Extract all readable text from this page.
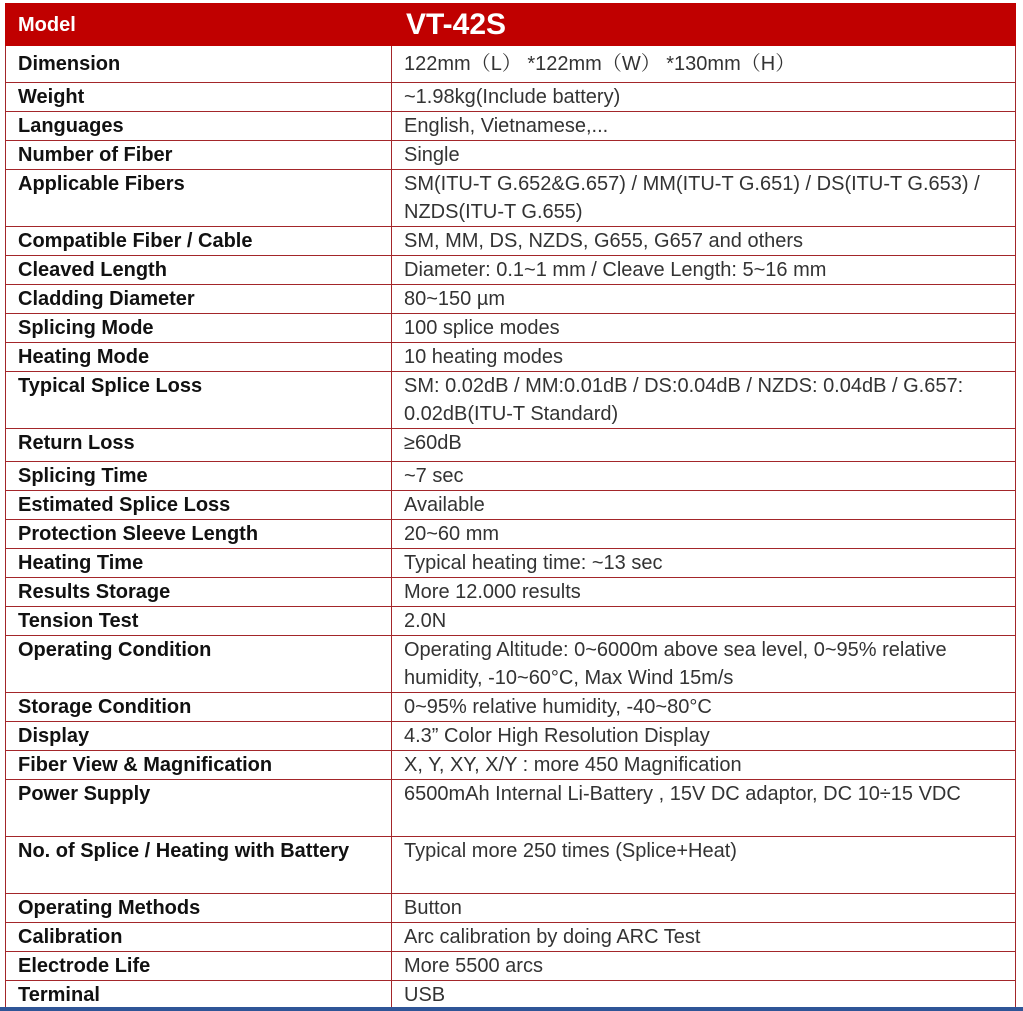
Model	VT-42S
Dimension	122mm（L） *122mm（W） *130mm（H）
Weight	~1.98kg(Include battery)
Languages	English, Vietnamese,...
Number of Fiber	Single
Applicable Fibers	SM(ITU-T G.652&G.657) / MM(ITU-T G.651) / DS(ITU-T G.653) / NZDS(ITU-T G.655)
Compatible Fiber / Cable	SM, MM, DS, NZDS, G655, G657 and others
Cleaved Length	Diameter: 0.1~1 mm / Cleave Length: 5~16 mm
Cladding Diameter	80~150 µm
Splicing Mode	100 splice modes
Heating Mode	10 heating modes
Typical Splice Loss	SM: 0.02dB / MM:0.01dB / DS:0.04dB / NZDS: 0.04dB / G.657: 0.02dB(ITU-T Standard)
Return Loss	≥60dB
Splicing Time	~7 sec
Estimated Splice Loss	Available
Protection Sleeve Length	20~60 mm
Heating Time	Typical heating time: ~13 sec
Results Storage	More 12.000 results
Tension Test	2.0N
Operating Condition	Operating Altitude: 0~6000m above sea level, 0~95% relative humidity, -10~60°C, Max Wind 15m/s
Storage Condition	0~95% relative humidity, -40~80°C
Display	4.3” Color High Resolution Display
Fiber View & Magnification	X, Y, XY, X/Y : more 450 Magnification
Power Supply	6500mAh Internal Li-Battery , 15V DC adaptor, DC 10÷15 VDC
No. of Splice / Heating with Battery	Typical more 250 times (Splice+Heat)
Operating Methods	Button
Calibration	Arc calibration by doing ARC Test
Electrode Life	More 5500 arcs
Terminal	USB
